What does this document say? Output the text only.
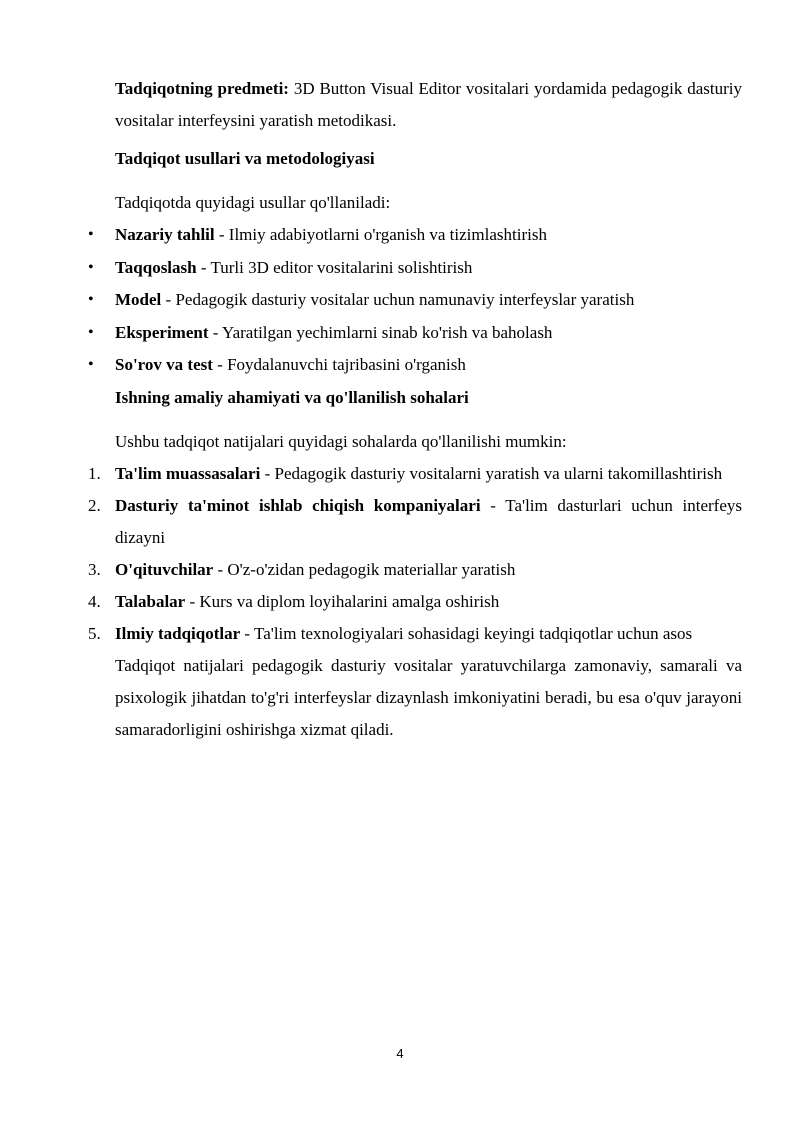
Tadqiqotning predmeti: 3D Button Visual Editor vositalari yordamida pedagogik dasturiy vositalar interfeysini yaratish metodikasi.

Tadqiqot usullari va metodologiyasi

Tadqiqotda quyidagi usullar qo'llaniladi:

• Nazariy tahlil - Ilmiy adabiyotlarni o'rganish va tizimlashtirish
• Taqqoslash - Turli 3D editor vositalarini solishtirish
• Model - Pedagogik dasturiy vositalar uchun namunaviy interfeyslar yaratish
• Eksperiment - Yaratilgan yechimlarni sinab ko'rish va baholash
• So'rov va test - Foydalanuvchi tajribasini o'rganish

Ishning amaliy ahamiyati va qo'llanilish sohalari

Ushbu tadqiqot natijalari quyidagi sohalarda qo'llanilishi mumkin:

1. Ta'lim muassasalari - Pedagogik dasturiy vositalarni yaratish va ularni takomillashtirish
2. Dasturiy ta'minot ishlab chiqish kompaniyalari - Ta'lim dasturlari uchun interfeys dizayni
3. O'qituvchilar - O'z-o'zidan pedagogik materiallar yaratish
4. Talabalar - Kurs va diplom loyihalarini amalga oshirish
5. Ilmiy tadqiqotlar - Ta'lim texnologiyalari sohasidagi keyingi tadqiqotlar uchun asos

Tadqiqot natijalari pedagogik dasturiy vositalar yaratuvchilarga zamonaviy, samarali va psixologik jihatdan to'g'ri interfeyslar dizaynlash imkoniyatini beradi, bu esa o'quv jarayoni samaradorligini oshirishga xizmat qiladi.

4
